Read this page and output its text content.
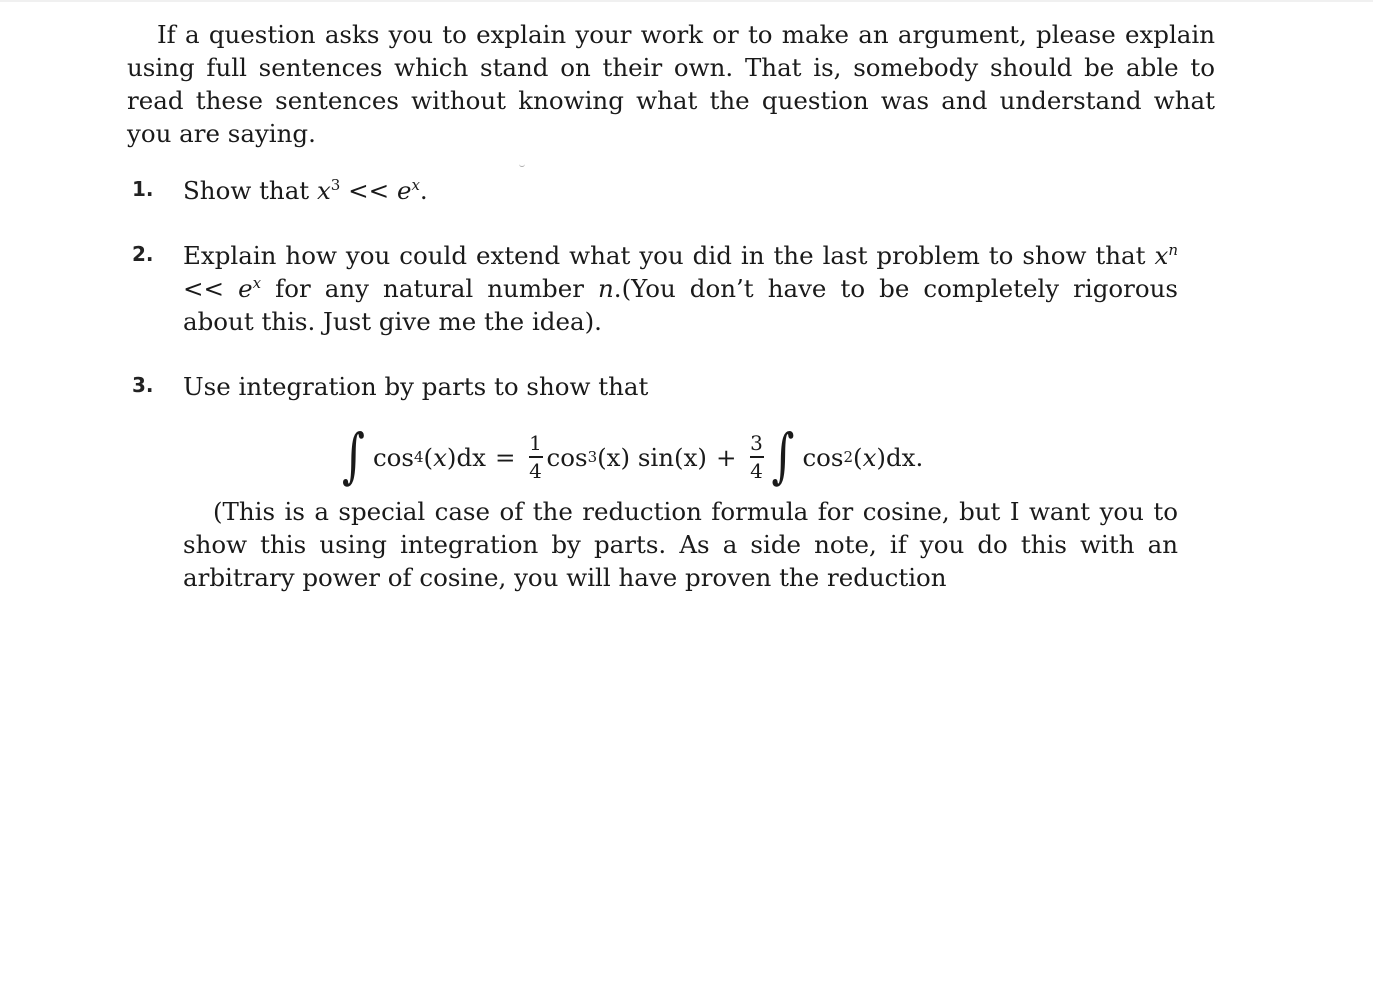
If a question asks you to explain your work or to make an argument, please explain using full sentences which stand on their own. That is, somebody should be able to read these sentences without knowing what the question was and understand what you are saying.

1. Show that $x^3 << e^x$.

2. Explain how you could extend what you did in the last problem to show that $x^n << e^x$ for any natural number n.(You don’t have to be completely rigorous about this. Just give me the idea).

3. Use integration by parts to show that

∫ cos 4 ( x )$dx = \frac{1}{4}$ cos 3 (x)
$\sin(x) + \frac{3}{4}$ ∫ cos 2 ( x )dx.

(This is a special case of the reduction formula for cosine, but I want you to show this using integration by parts. As a side note, if you do this with an arbitrary power of cosine, you will have proven the reduction
